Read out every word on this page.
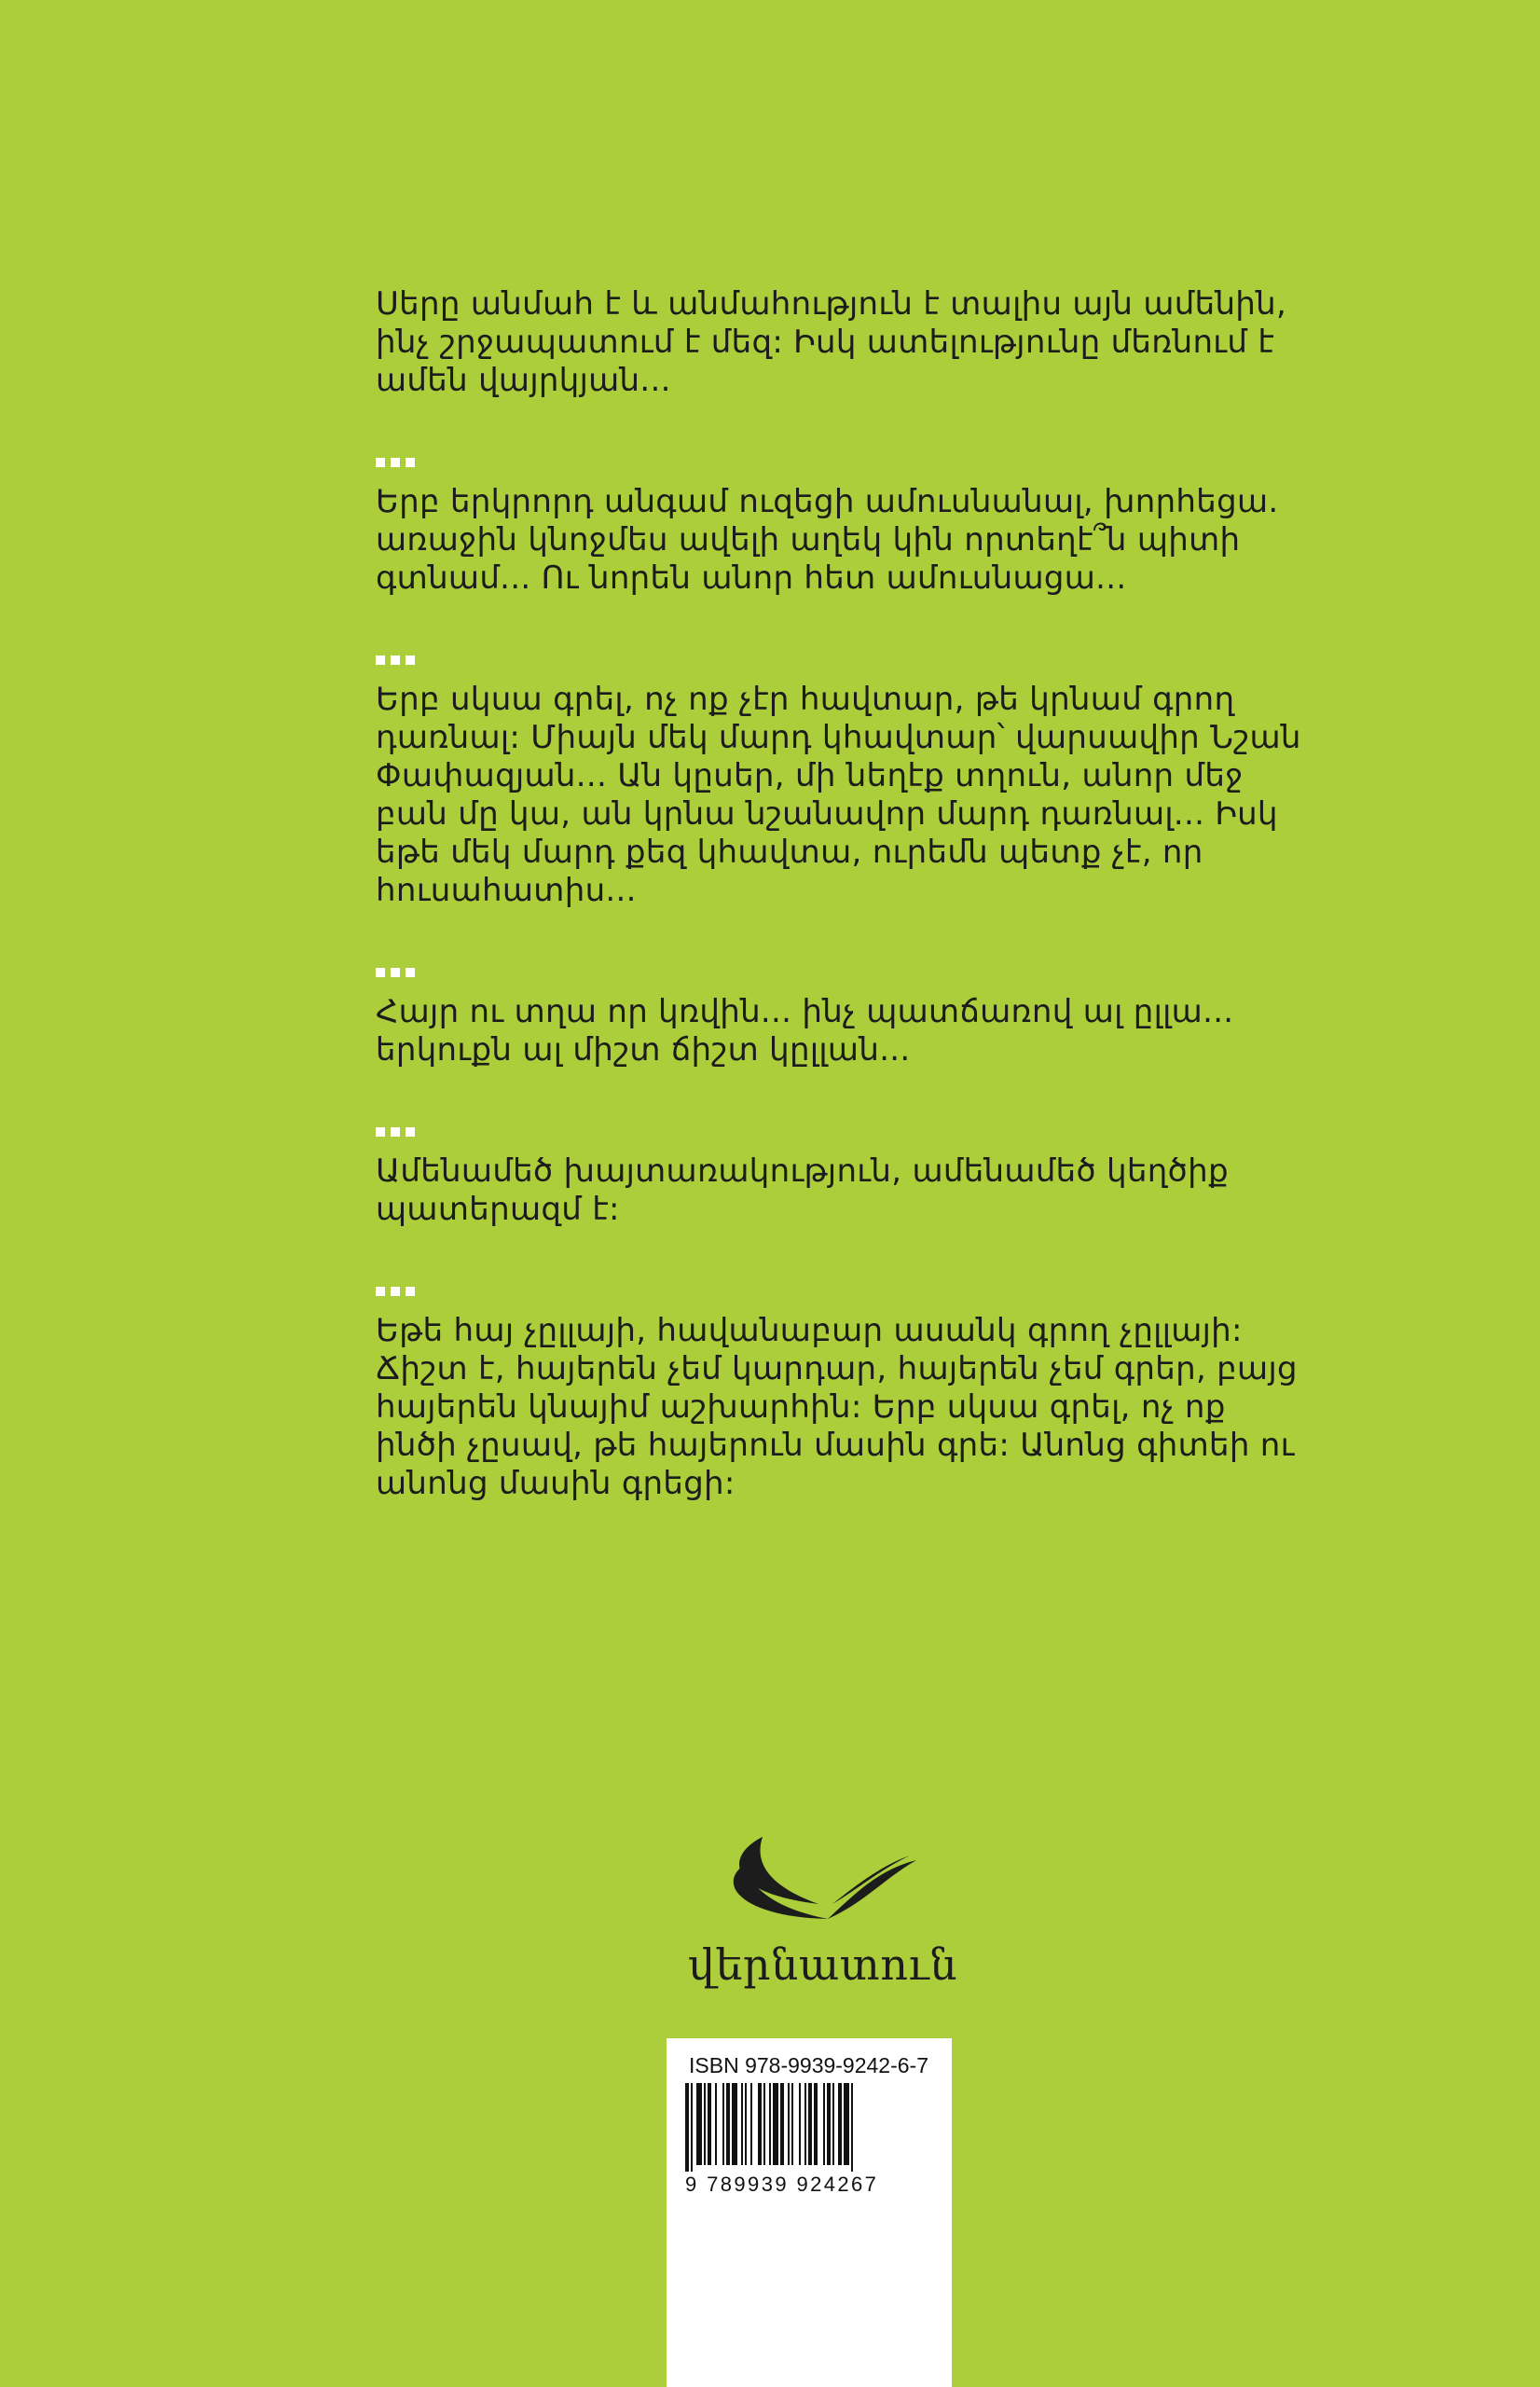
Սերը անմահ է և անմահություն է տալիս այն ամենին,
ինչ շրջապատում է մեզ: Իսկ ատելությունը մեռնում է
ամեն վայրկյան...

Երբ երկրորդ անգամ ուզեցի ամուսնանալ, խորհեցա.
առաջին կնոջմես ավելի աղեկ կին որտեղէ՞ն պիտի
գտնամ... Ու նորեն անոր հետ ամուսնացա...

Երբ սկսա գրել, ոչ ոք չէր հավտար, թե կրնամ գրող
դառնալ: Միայն մեկ մարդ կհավտար՝ վարսավիր Նշան
Փափազյան... Ան կըսեր, մի նեղէք տղուն, անոր մեջ
բան մը կա, ան կրնա նշանավոր մարդ դառնալ... Իսկ
եթե մեկ մարդ քեզ կհավտա, ուրեմն պետք չէ, որ
հուսահատիս...

Հայր ու տղա որ կռվին... ինչ պատճառով ալ ըլլա...
երկուքն ալ միշտ ճիշտ կըլլան...

Ամենամեծ խայտառակություն, ամենամեծ կեղծիք
պատերազմ է:

Եթե հայ չըլլայի, հավանաբար ասանկ գրող չըլլայի:
Ճիշտ է, հայերեն չեմ կարդար, հայերեն չեմ գրեր, բայց
հայերեն կնայիմ աշխարհին: Երբ սկսա գրել, ոչ ոք
ինծի չըսավ, թե հայերուն մասին գրե: Անոնց գիտեի ու
անոնց մասին գրեցի:

վերնատուն
ISBN 978-9939-9242-6-7
9 789939 924267
